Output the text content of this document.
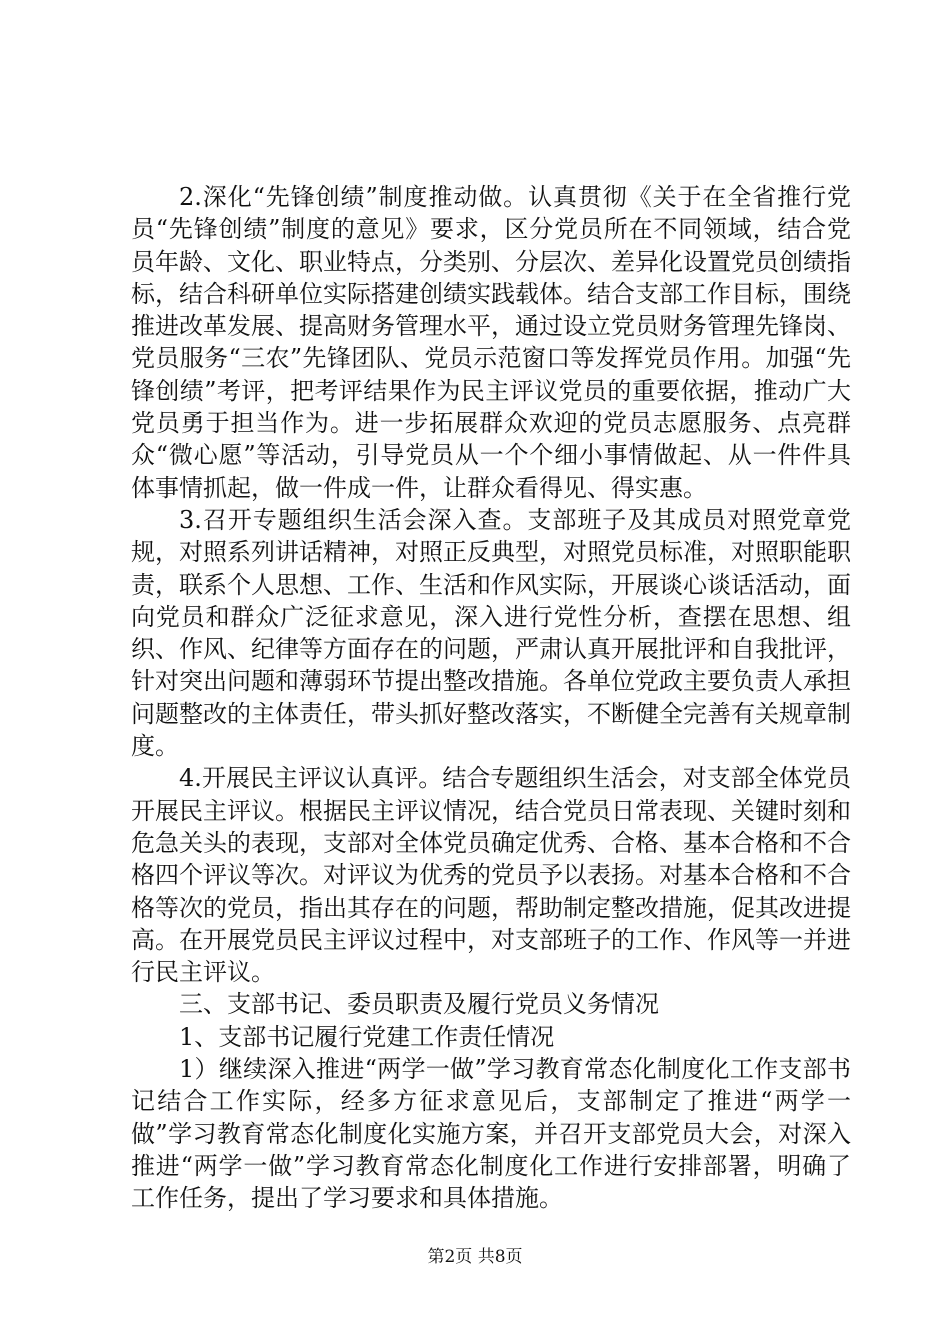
2.深化“先锋创绩”制度推动做。认真贯彻《关于在全省推行党员“先锋创绩”制度的意见》要求，区分党员所在不同领域，结合党员年龄、文化、职业特点，分类别、分层次、差异化设置党员创绩指标，结合科研单位实际搭建创绩实践载体。结合支部工作目标，围绕推进改革发展、提高财务管理水平，通过设立党员财务管理先锋岗、党员服务“三农”先锋团队、党员示范窗口等发挥党员作用。加强“先锋创绩”考评，把考评结果作为民主评议党员的重要依据，推动广大党员勇于担当作为。进一步拓展群众欢迎的党员志愿服务、点亮群众“微心愿”等活动，引导党员从一个个细小事情做起、从一件件具体事情抓起，做一件成一件，让群众看得见、得实惠。

3.召开专题组织生活会深入查。支部班子及其成员对照党章党规，对照系列讲话精神，对照正反典型，对照党员标准，对照职能职责，联系个人思想、工作、生活和作风实际，开展谈心谈话活动，面向党员和群众广泛征求意见，深入进行党性分析，查摆在思想、组织、作风、纪律等方面存在的问题，严肃认真开展批评和自我批评，针对突出问题和薄弱环节提出整改措施。各单位党政主要负责人承担问题整改的主体责任，带头抓好整改落实，不断健全完善有关规章制度。

4.开展民主评议认真评。结合专题组织生活会，对支部全体党员开展民主评议。根据民主评议情况，结合党员日常表现、关键时刻和危急关头的表现，支部对全体党员确定优秀、合格、基本合格和不合格四个评议等次。对评议为优秀的党员予以表扬。对基本合格和不合格等次的党员，指出其存在的问题，帮助制定整改措施，促其改进提高。在开展党员民主评议过程中，对支部班子的工作、作风等一并进行民主评议。

三、支部书记、委员职责及履行党员义务情况

1、支部书记履行党建工作责任情况

1）继续深入推进“两学一做”学习教育常态化制度化工作支部书记结合工作实际，经多方征求意见后，支部制定了推进“两学一做”学习教育常态化制度化实施方案，并召开支部党员大会，对深入推进“两学一做”学习教育常态化制度化工作进行安排部署，明确了工作任务，提出了学习要求和具体措施。

第2页 共8页
